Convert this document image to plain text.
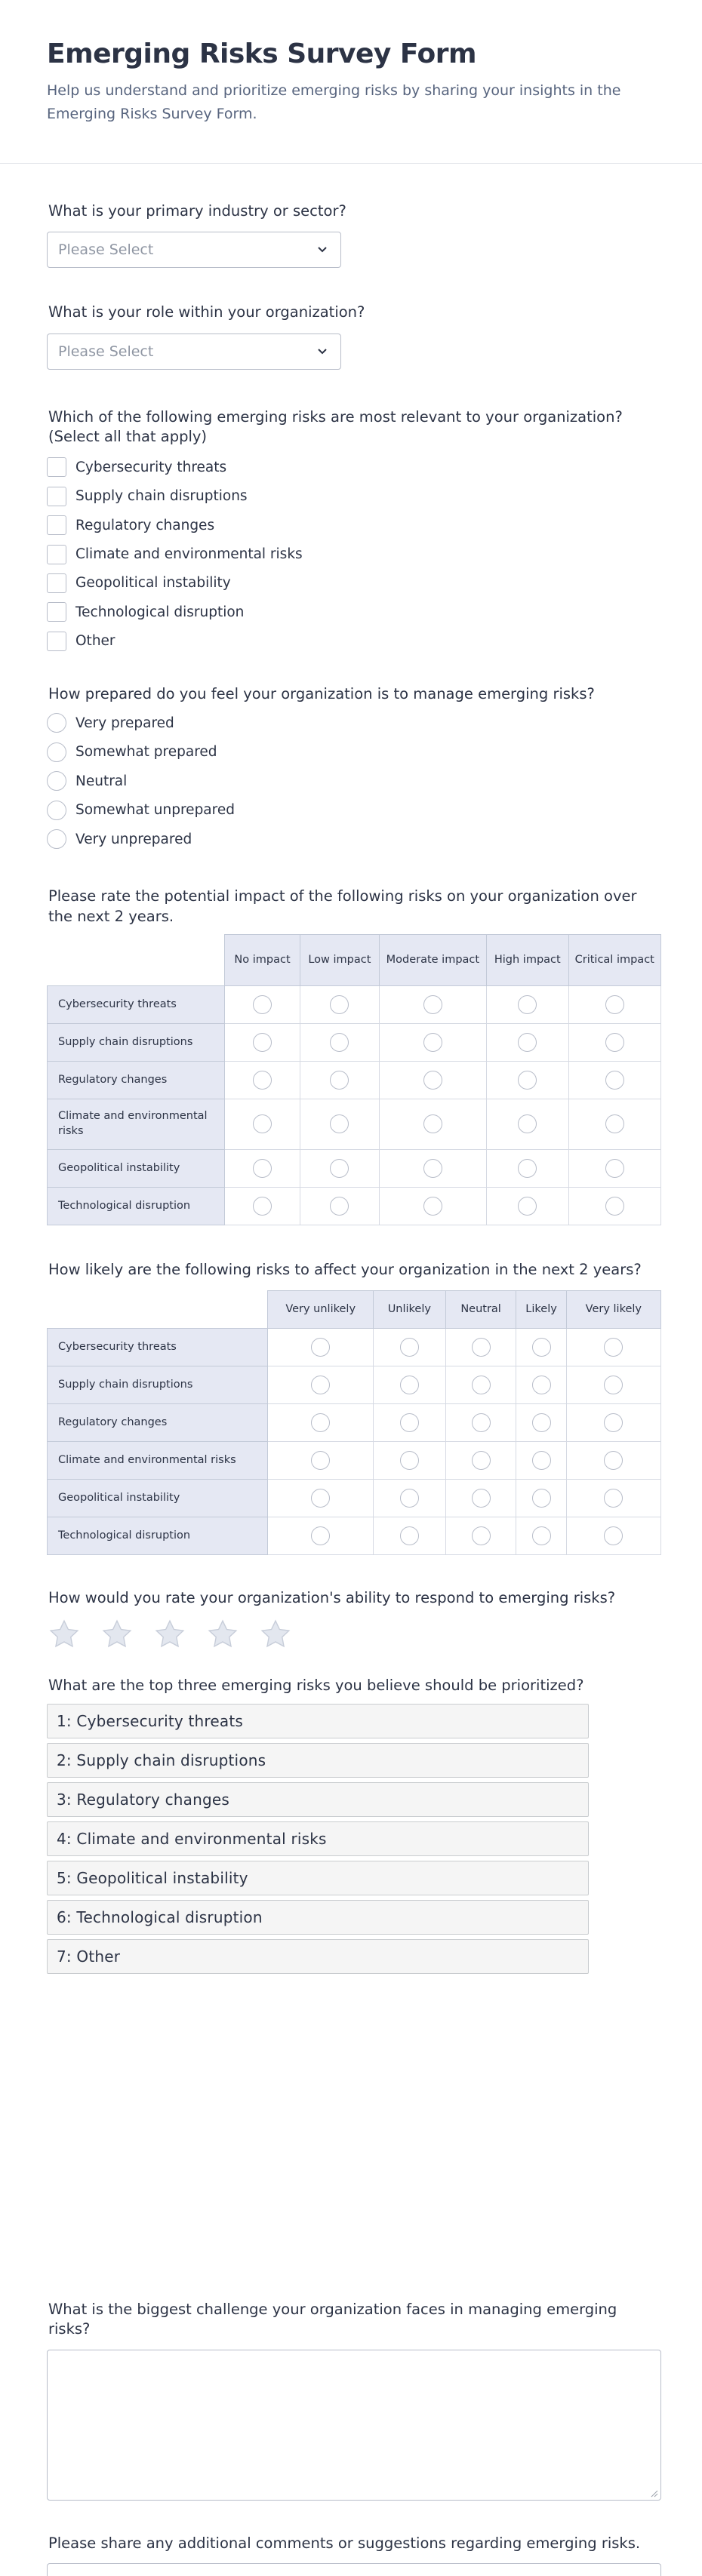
Emerging Risks Survey Form

Help us understand and prioritize emerging risks by sharing your insights in the Emerging Risks Survey Form.

What is your primary industry or sector?
Please Select
What is your role within your organization?
Please Select
Which of the following emerging risks are most relevant to your organization? (Select all that apply)
Cybersecurity threats
Supply chain disruptions
Regulatory changes
Climate and environmental risks
Geopolitical instability
Technological disruption
Other
How prepared do you feel your organization is to manage emerging risks?
Very prepared
Somewhat prepared
Neutral
Somewhat unprepared
Very unprepared
Please rate the potential impact of the following risks on your organization over the next 2 years.
	No impact	Low impact	Moderate impact	High impact	Critical impact
Cybersecurity threats					
Supply chain disruptions					
Regulatory changes					
Climate and environmental risks					
Geopolitical instability					
Technological disruption					
How likely are the following risks to affect your organization in the next 2 years?
	Very unlikely	Unlikely	Neutral	Likely	Very likely
Cybersecurity threats					
Supply chain disruptions					
Regulatory changes					
Climate and environmental risks					
Geopolitical instability					
Technological disruption					
How would you rate your organization's ability to respond to emerging risks?
What are the top three emerging risks you believe should be prioritized?
1: Cybersecurity threats
2: Supply chain disruptions
3: Regulatory changes
4: Climate and environmental risks
5: Geopolitical instability
6: Technological disruption
7: Other
What is the biggest challenge your organization faces in managing emerging risks?
Please share any additional comments or suggestions regarding emerging risks.
